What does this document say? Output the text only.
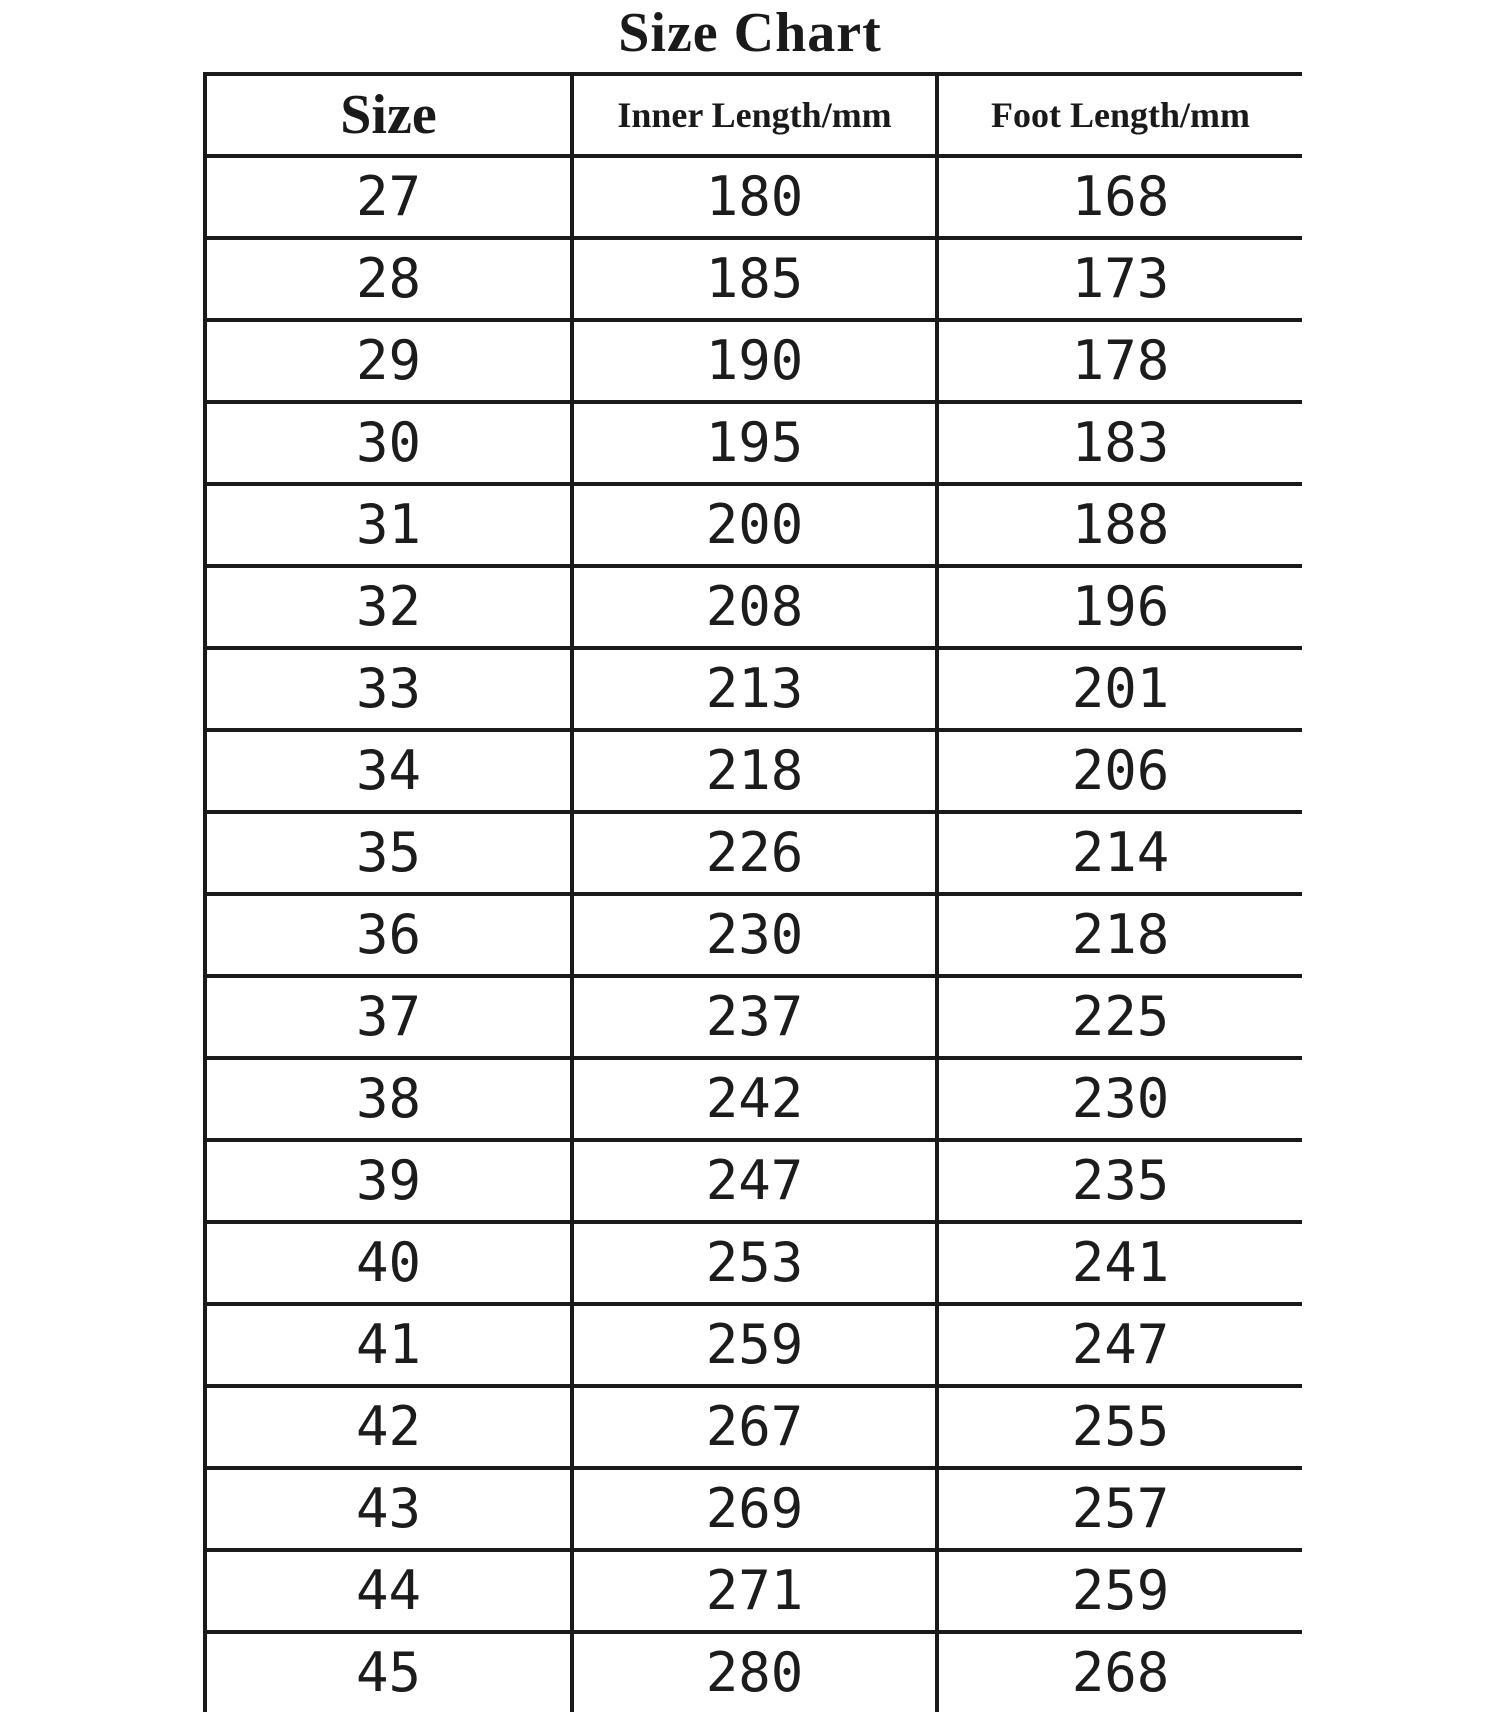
Size Chart
Size	Inner Length/mm	Foot Length/mm
27	180	168
28	185	173
29	190	178
30	195	183
31	200	188
32	208	196
33	213	201
34	218	206
35	226	214
36	230	218
37	237	225
38	242	230
39	247	235
40	253	241
41	259	247
42	267	255
43	269	257
44	271	259
45	280	268
